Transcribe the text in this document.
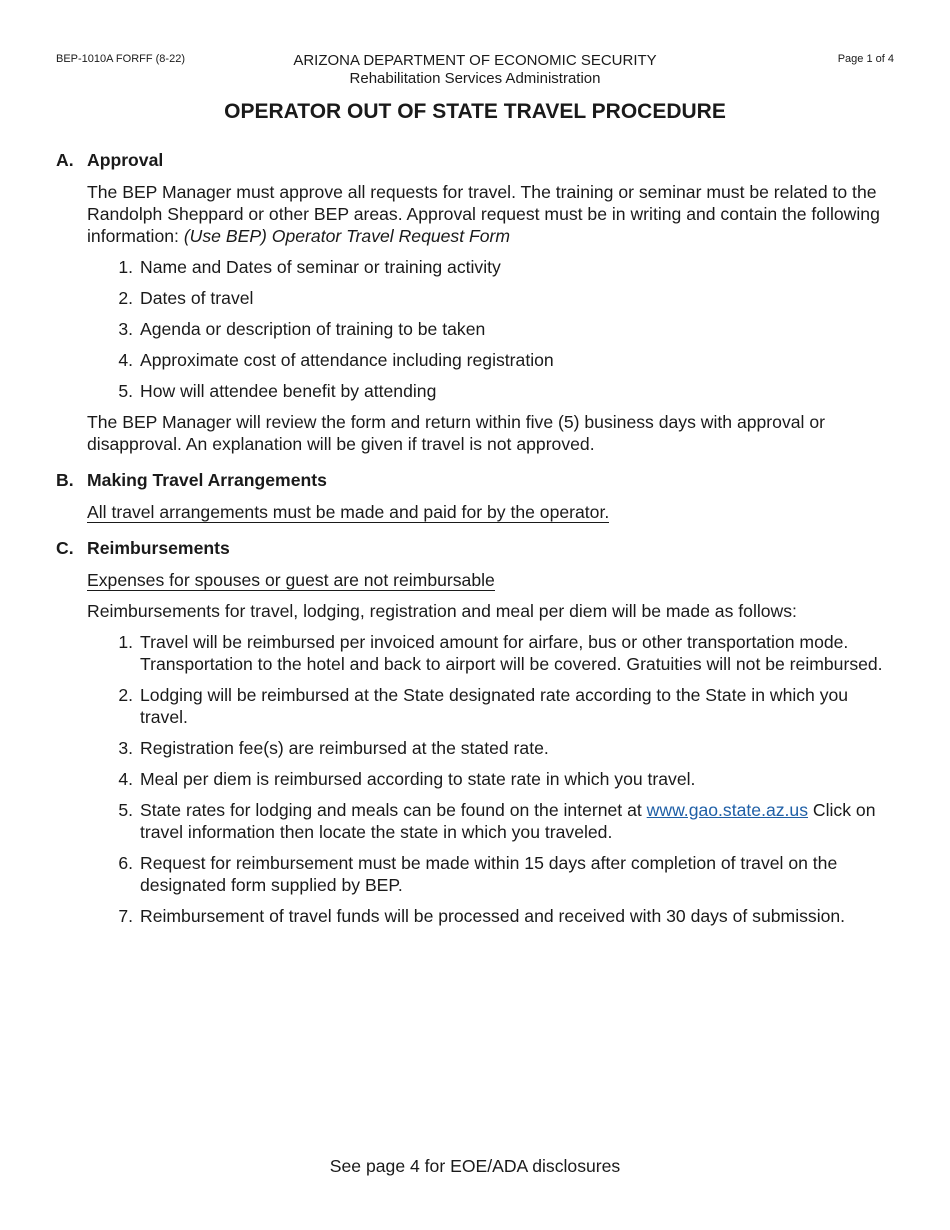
BEP-1010A FORFF (8-22)	Page 1 of 4
ARIZONA DEPARTMENT OF ECONOMIC SECURITY
Rehabilitation Services Administration
OPERATOR OUT OF STATE TRAVEL PROCEDURE
A. Approval
The BEP Manager must approve all requests for travel. The training or seminar must be related to the Randolph Sheppard or other BEP areas. Approval request must be in writing and contain the following information: (Use BEP) Operator Travel Request Form
1. Name and Dates of seminar or training activity
2. Dates of travel
3. Agenda or description of training to be taken
4. Approximate cost of attendance including registration
5. How will attendee benefit by attending
The BEP Manager will review the form and return within five (5) business days with approval or disapproval. An explanation will be given if travel is not approved.
B. Making Travel Arrangements
All travel arrangements must be made and paid for by the operator.
C. Reimbursements
Expenses for spouses or guest are not reimbursable
Reimbursements for travel, lodging, registration and meal per diem will be made as follows:
1. Travel will be reimbursed per invoiced amount for airfare, bus or other transportation mode. Transportation to the hotel and back to airport will be covered. Gratuities will not be reimbursed.
2. Lodging will be reimbursed at the State designated rate according to the State in which you travel.
3. Registration fee(s) are reimbursed at the stated rate.
4. Meal per diem is reimbursed according to state rate in which you travel.
5. State rates for lodging and meals can be found on the internet at www.gao.state.az.us Click on travel information then locate the state in which you traveled.
6. Request for reimbursement must be made within 15 days after completion of travel on the designated form supplied by BEP.
7. Reimbursement of travel funds will be processed and received with 30 days of submission.
See page 4 for EOE/ADA disclosures
